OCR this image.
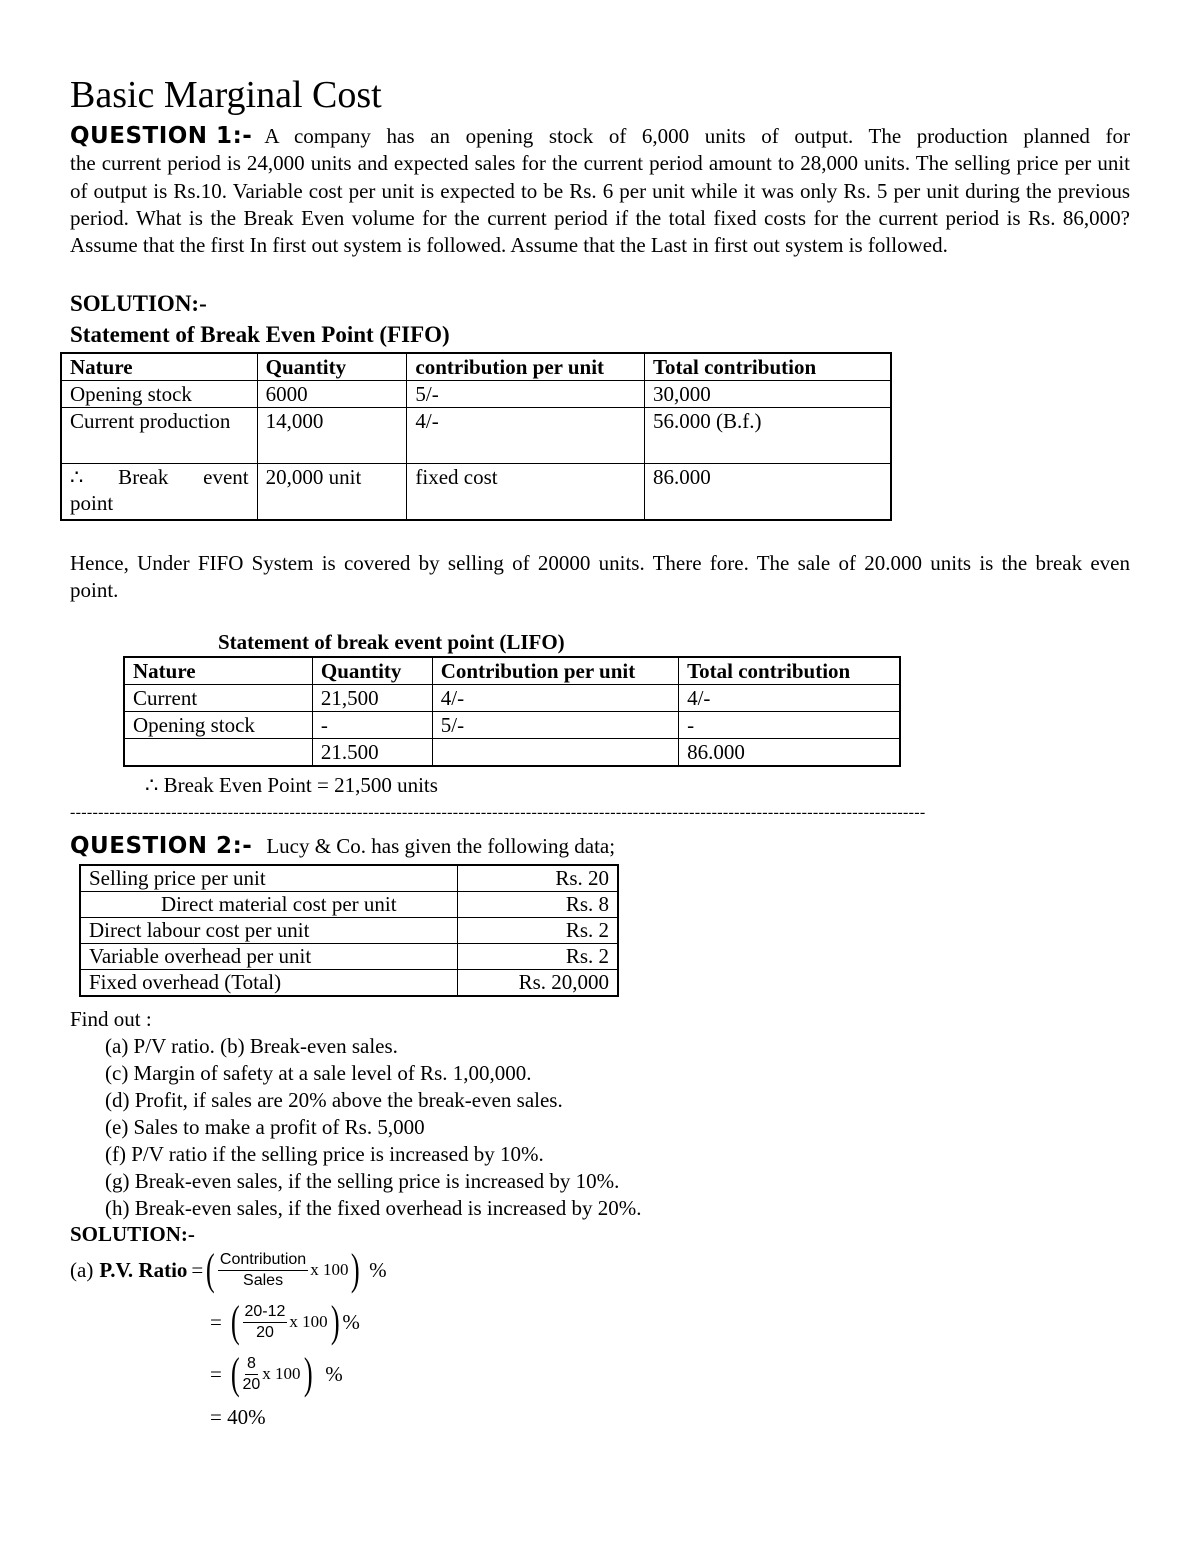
Basic Marginal Cost
QUESTION 1:- A company has an opening stock of 6,000 units of output. The production planned for
the current period is 24,000 units and expected sales for the current period amount to 28,000 units. The selling price per unit of output is Rs.10. Variable cost per unit is expected to be Rs. 6 per unit while it was only Rs. 5 per unit during the previous period. What is the Break Even volume for the current period if the total fixed costs for the current period is Rs. 86,000? Assume that the first In first out system is followed. Assume that the Last in first out system is followed.
SOLUTION:-
Statement of Break Even Point (FIFO)
Nature	Quantity	contribution per unit	Total contribution
Opening stock	6000	5/-	30,000
Current production	14,000	4/-	56.000 (B.f.)
∴ Break event point	20,000 unit	fixed cost	86.000
Hence, Under FIFO System is covered by selling of 20000 units. There fore. The sale of 20.000 units is the break even point.
Statement of break event point (LIFO)
Nature	Quantity	Contribution per unit	Total contribution
Current	21,500	4/-	4/-
Opening stock	-	5/-	-
	21.500		86.000
∴ Break Even Point = 21,500 units
--------------------------------------------------------------------------------------------------------------------------------------------------------
QUESTION 2:- Lucy & Co. has given the following data;
Selling price per unit	Rs. 20
Direct material cost per unit	Rs. 8
Direct labour cost per unit	Rs. 2
Variable overhead per unit	Rs. 2
Fixed overhead (Total)	Rs. 20,000
Find out :
(a) P/V ratio. (b) Break-even sales.
(c) Margin of safety at a sale level of Rs. 1,00,000.
(d) Profit, if sales are 20% above the break-even sales.
(e) Sales to make a profit of Rs. 5,000
(f) P/V ratio if the selling price is increased by 10%.
(g) Break-even sales, if the selling price is increased by 10%.
(h) Break-even sales, if the fixed overhead is increased by 20%.
SOLUTION:-
(a) P.V. Ratio = ( $\frac{\text{Contribution}}{\text{Sales}}$ x 100 ) %
= ( $\frac{20-12}{20}$ x 100 ) %
= ( $\frac{8}{20}$ x 100 ) %
= 40%
